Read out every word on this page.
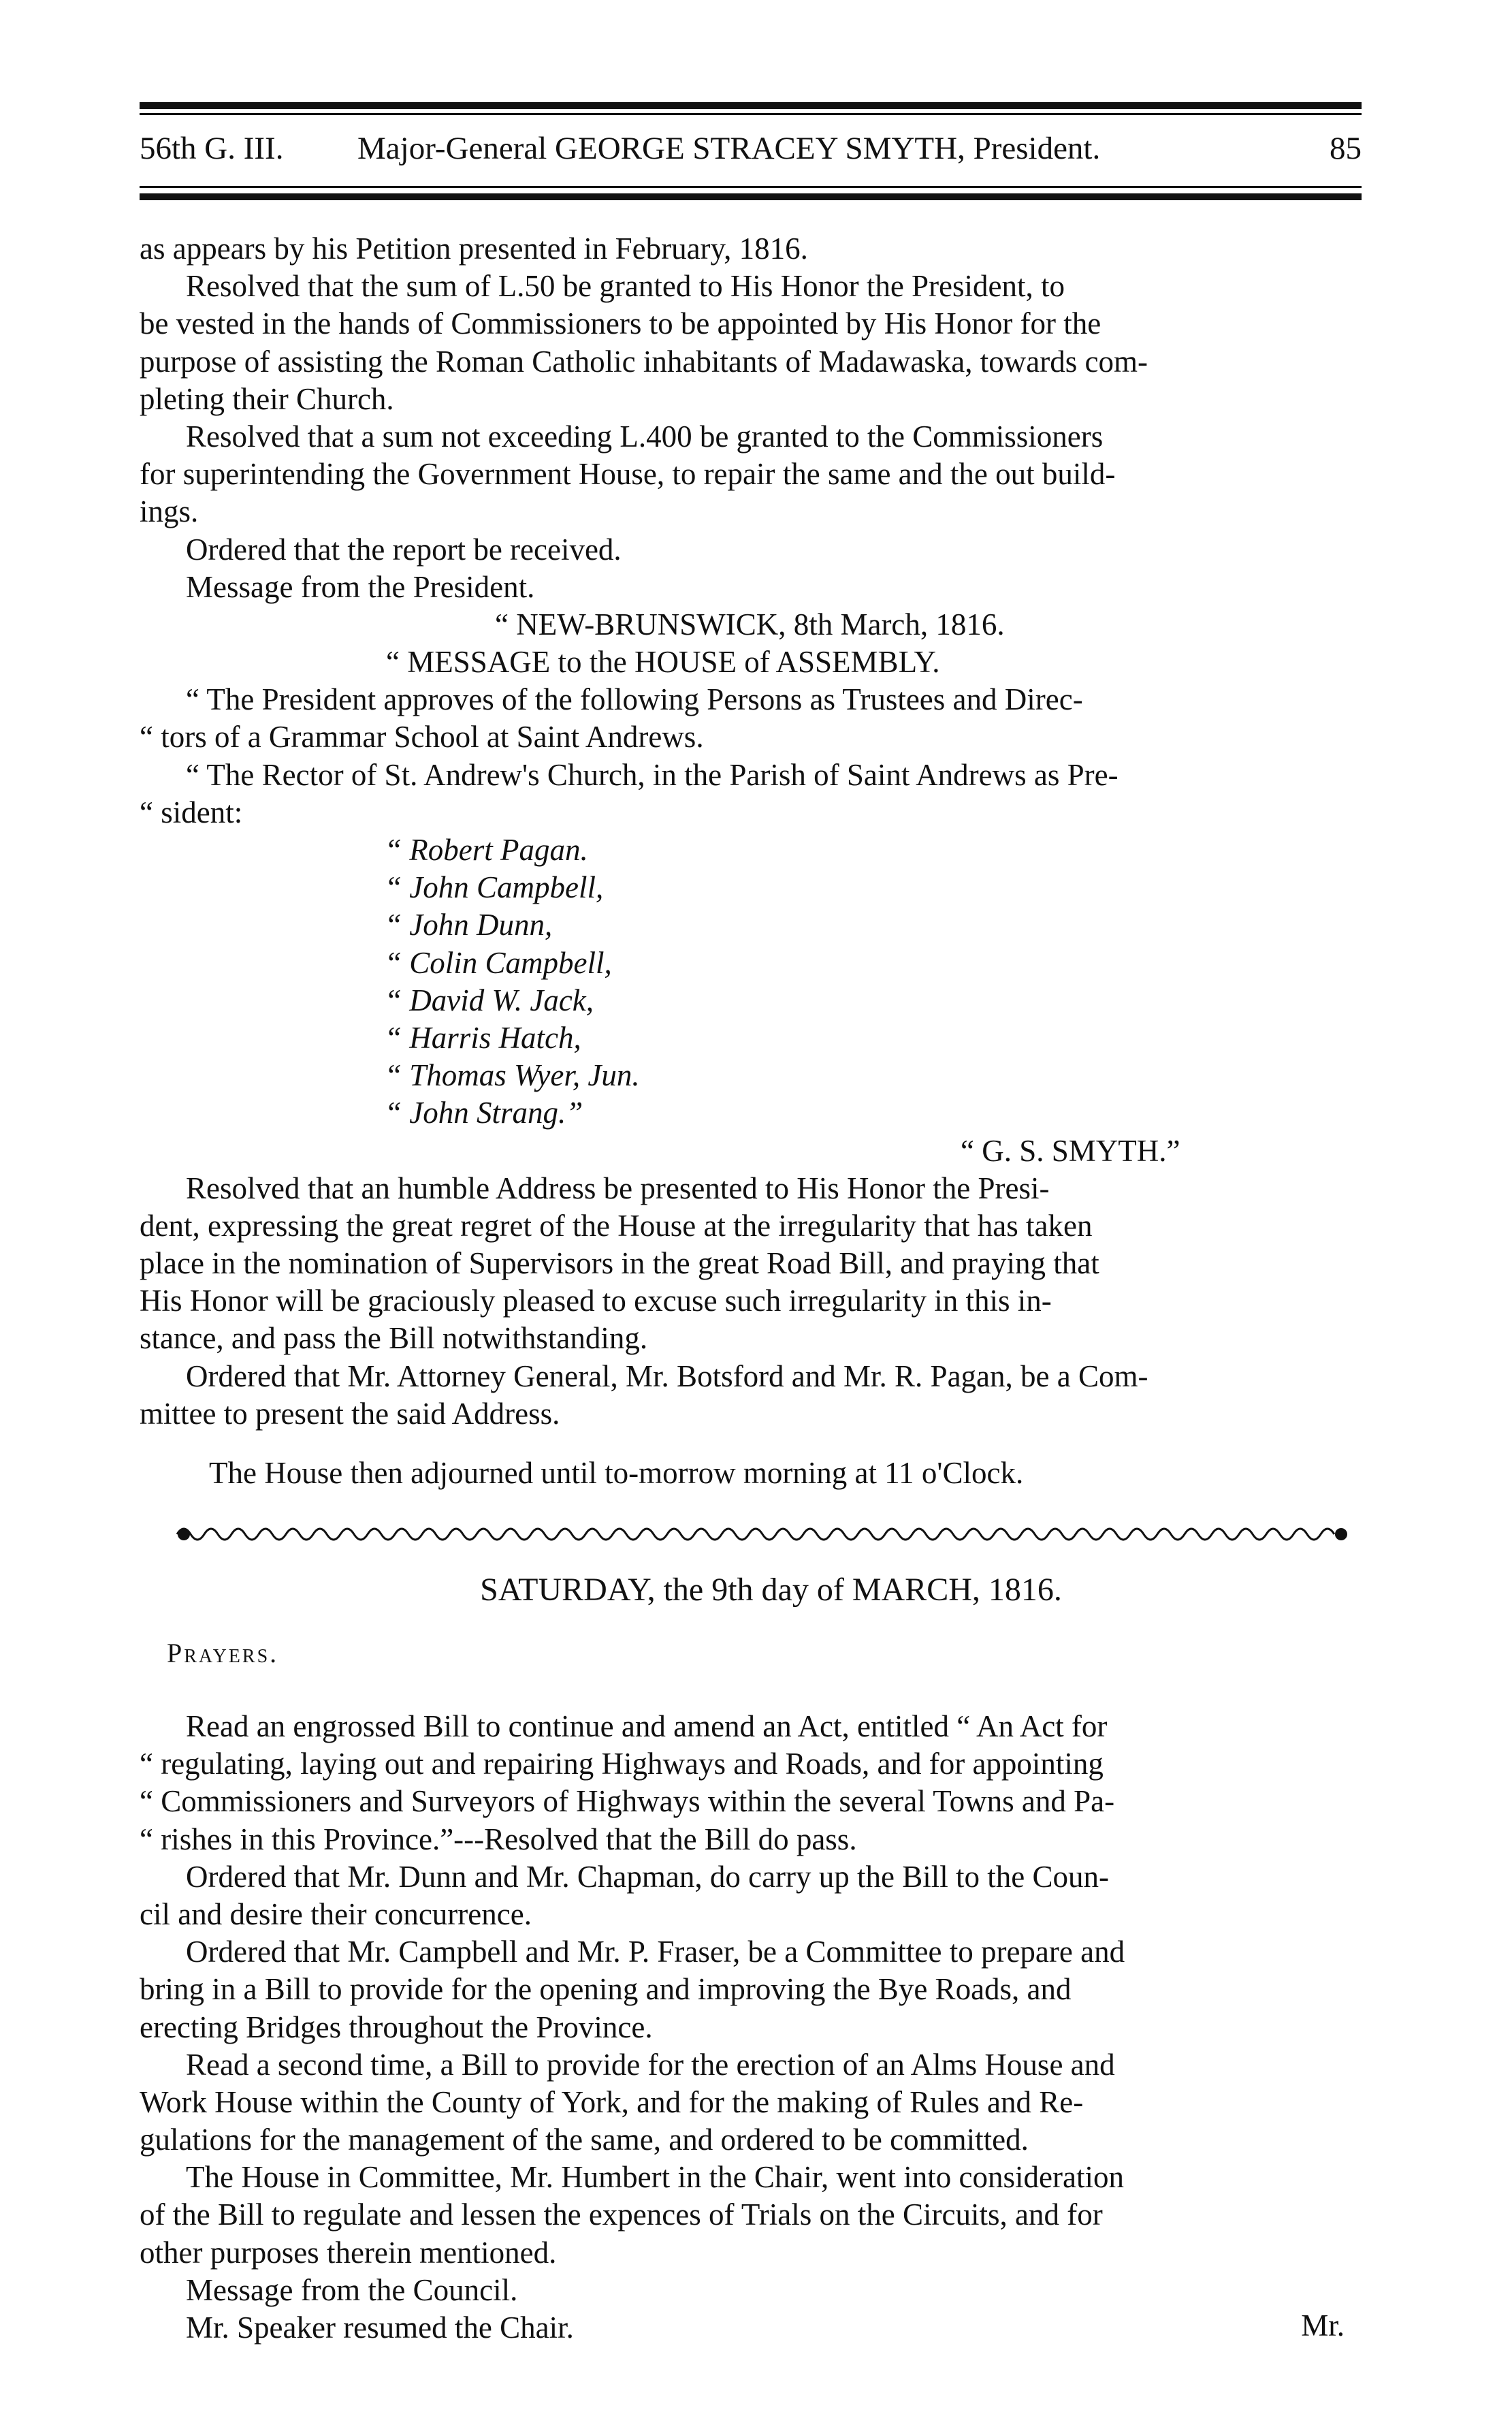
56th G. III. Major-General GEORGE STRACEY SMYTH, President.	85
as appears by his Petition presented in February, 1816.
Resolved that the sum of L.50 be granted to His Honor the President, to
be vested in the hands of Commissioners to be appointed by His Honor for the
purpose of assisting the Roman Catholic inhabitants of Madawaska, towards com-
pleting their Church.
Resolved that a sum not exceeding L.400 be granted to the Commissioners
for superintending the Government House, to repair the same and the out build-
ings.
Ordered that the report be received.
Message from the President.
“ NEW-BRUNSWICK, 8th March, 1816.
“ MESSAGE to the HOUSE of ASSEMBLY.
“ The President approves of the following Persons as Trustees and Direc-
“ tors of a Grammar School at Saint Andrews.
“ The Rector of St. Andrew's Church, in the Parish of Saint Andrews as Pre-
“ sident:
“ Robert Pagan.
“ John Campbell,
“ John Dunn,
“ Colin Campbell,
“ David W. Jack,
“ Harris Hatch,
“ Thomas Wyer, Jun.
“ John Strang.”
“ G. S. SMYTH.”
Resolved that an humble Address be presented to His Honor the Presi-
dent, expressing the great regret of the House at the irregularity that has taken
place in the nomination of Supervisors in the great Road Bill, and praying that
His Honor will be graciously pleased to excuse such irregularity in this in-
stance, and pass the Bill notwithstanding.
Ordered that Mr. Attorney General, Mr. Botsford and Mr. R. Pagan, be a Com-
mittee to present the said Address.
The House then adjourned until to-morrow morning at 11 o'Clock.
SATURDAY, the 9th day of MARCH, 1816.
Prayers.
Read an engrossed Bill to continue and amend an Act, entitled “ An Act for
“ regulating, laying out and repairing Highways and Roads, and for appointing
“ Commissioners and Surveyors of Highways within the several Towns and Pa-
“ rishes in this Province.”---Resolved that the Bill do pass.
Ordered that Mr. Dunn and Mr. Chapman, do carry up the Bill to the Coun-
cil and desire their concurrence.
Ordered that Mr. Campbell and Mr. P. Fraser, be a Committee to prepare and
bring in a Bill to provide for the opening and improving the Bye Roads, and
erecting Bridges throughout the Province.
Read a second time, a Bill to provide for the erection of an Alms House and
Work House within the County of York, and for the making of Rules and Re-
gulations for the management of the same, and ordered to be committed.
The House in Committee, Mr. Humbert in the Chair, went into consideration
of the Bill to regulate and lessen the expences of Trials on the Circuits, and for
other purposes therein mentioned.
Message from the Council.
Mr. Speaker resumed the Chair.	Mr.
